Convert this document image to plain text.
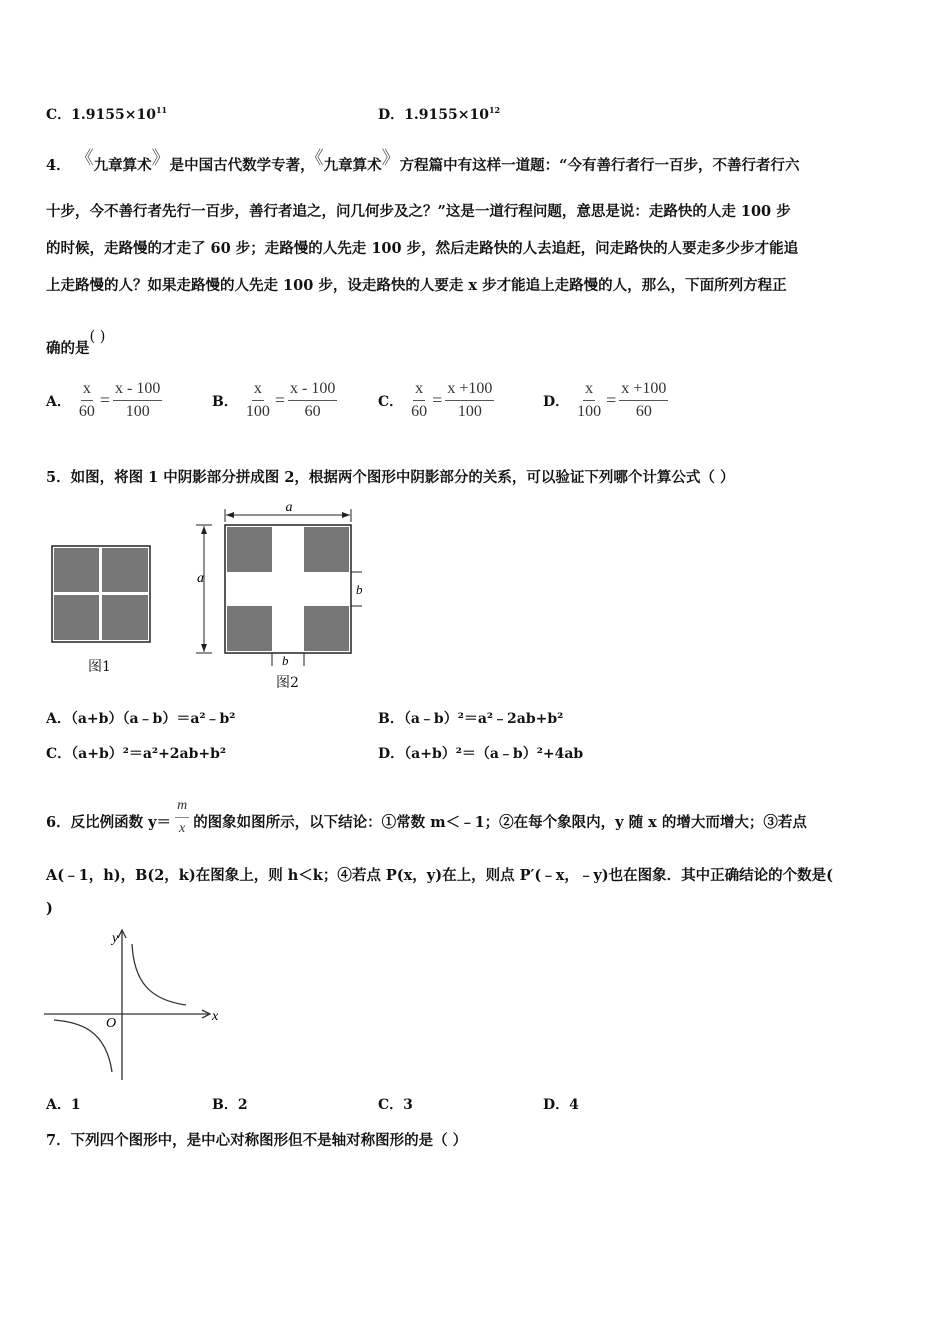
C．$1.9155\times 10^{11}$	D．$1.9155\times 10^{12}$
4． 《九章算术》是中国古代数学专著，《九章算术》方程篇中有这样一道题：“今有善行者行一百步，不善行者行六
十步，今不善行者先行一百步，善行者追之，问几何步及之？”这是一道行程问题，意思是说：走路快的人走 100 步
的时候，走路慢的才走了 60 步；走路慢的人先走 100 步，然后走路快的人去追赶，问走路快的人要走多少步才能追
上走路慢的人？如果走路慢的人先走 100 步，设走路快的人要走 x 步才能追上走路慢的人，那么，下面所列方程正
确的是( )
A． $\frac{x}{60} = \frac{x - 100}{100}$	B． $\frac{x}{100} = \frac{x - 100}{60}$	C． $\frac{x}{60} = \frac{x +100}{100}$	D． $\frac{x}{100} = \frac{x +100}{60}$
5．如图，将图 1 中阴影部分拼成图 2，根据两个图形中阴影部分的关系，可以验证下列哪个计算公式（ ）
图1
a
a
b
b
图2
A．（a+b）（a﹣b）＝a²﹣b²	B．（a﹣b）²＝a²﹣2ab+b²
C．（a+b）²＝a²+2ab+b²	D．（a+b）²＝（a﹣b）²+4ab
6．反比例函数 $y= \frac{m}{x}$ 的图象如图所示，以下结论：①常数 m＜﹣1；②在每个象限内，y 随 x 的增大而增大；③若点
A(﹣1，h)，B(2，k)在图象上，则 h＜k；④若点 P(x，y)在上，则点 P′(﹣x，﹣y)也在图象．其中正确结论的个数是(
)
x
y
O
A．1	B．2	C．3	D．4
7．下列四个图形中，是中心对称图形但不是轴对称图形的是（ ）
